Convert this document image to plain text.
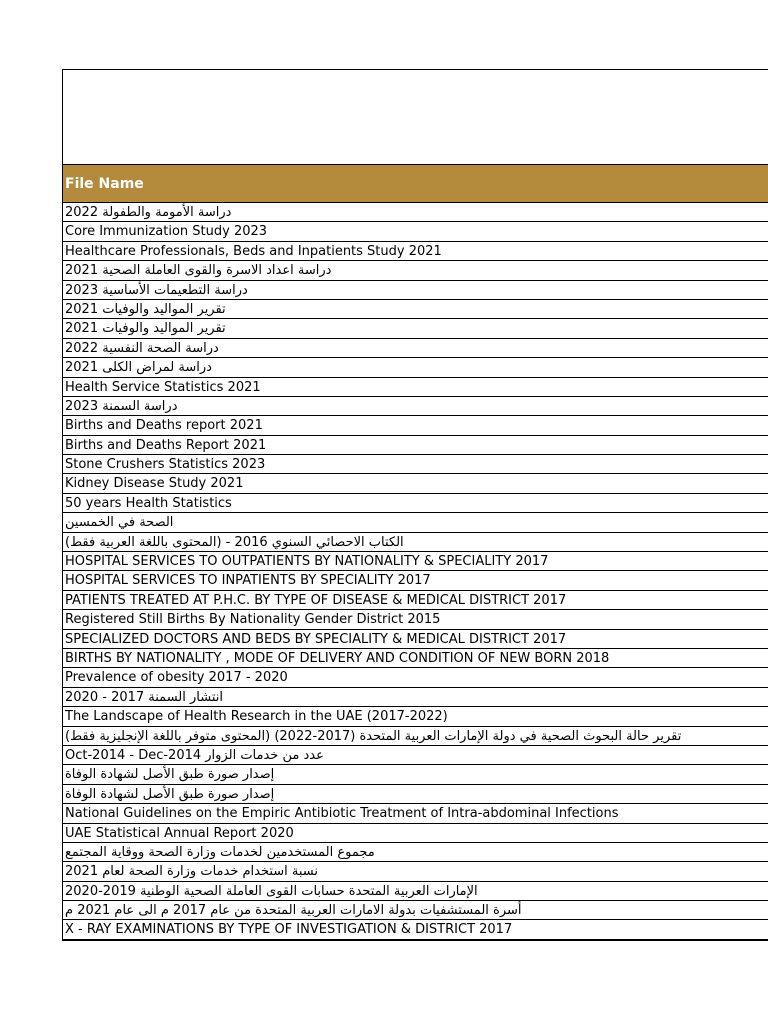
File Name
دراسة الأمومة والطفولة 2022
Core Immunization Study 2023
Healthcare Professionals, Beds and Inpatients Study 2021
دراسة اعداد الاسرة والقوى العاملة الصحية 2021
دراسة التطعيمات الأساسية 2023
تقرير المواليد والوفيات 2021
تقرير المواليد والوفيات 2021
دراسة الصحة النفسية 2022
دراسة لمراض الكلى 2021
Health Service Statistics 2021
دراسة السمنة 2023
Births and Deaths report 2021
Births and Deaths Report 2021
Stone Crushers Statistics 2023
Kidney Disease Study 2021
50 years Health Statistics
الصحة في الخمسين
الكتاب الاحصائي السنوي 2016 - (المحتوى باللغة العربية فقط)
HOSPITAL SERVICES TO OUTPATIENTS BY NATIONALITY & SPECIALITY 2017
HOSPITAL SERVICES TO INPATIENTS BY SPECIALITY 2017
PATIENTS TREATED AT P.H.C. BY TYPE OF DISEASE & MEDICAL DISTRICT 2017
Registered Still Births By Nationality Gender District 2015
SPECIALIZED DOCTORS AND BEDS BY SPECIALITY & MEDICAL DISTRICT 2017
BIRTHS BY NATIONALITY , MODE OF DELIVERY AND CONDITION OF NEW BORN 2018
Prevalence of obesity 2017 - 2020
انتشار السمنة 2017 - 2020
The Landscape of Health Research in the UAE (2017-2022)
تقرير حالة البحوث الصحية في دولة الإمارات العربية المتحدة (2017-2022) (المحتوى متوفر باللغة الإنجليزية فقط)
عدد من خدمات الزوار Oct-2014 - Dec-2014
إصدار صورة طبق الأصل لشهادة الوفاة
إصدار صورة طبق الأصل لشهادة الوفاة
National Guidelines on the Empiric Antibiotic Treatment of Intra-abdominal Infections
UAE Statistical Annual Report 2020
مجموع المستخدمين لخدمات وزارة الصحة ووقاية المجتمع
نسبة استخدام خدمات وزارة الصحة لعام 2021
الإمارات العربية المتحدة حسابات القوى العاملة الصحية الوطنية 2019-2020
أسرة المستشفيات بدولة الامارات العربية المتحدة من عام 2017 م الى عام 2021 م
X - RAY EXAMINATIONS BY TYPE OF INVESTIGATION & DISTRICT 2017
